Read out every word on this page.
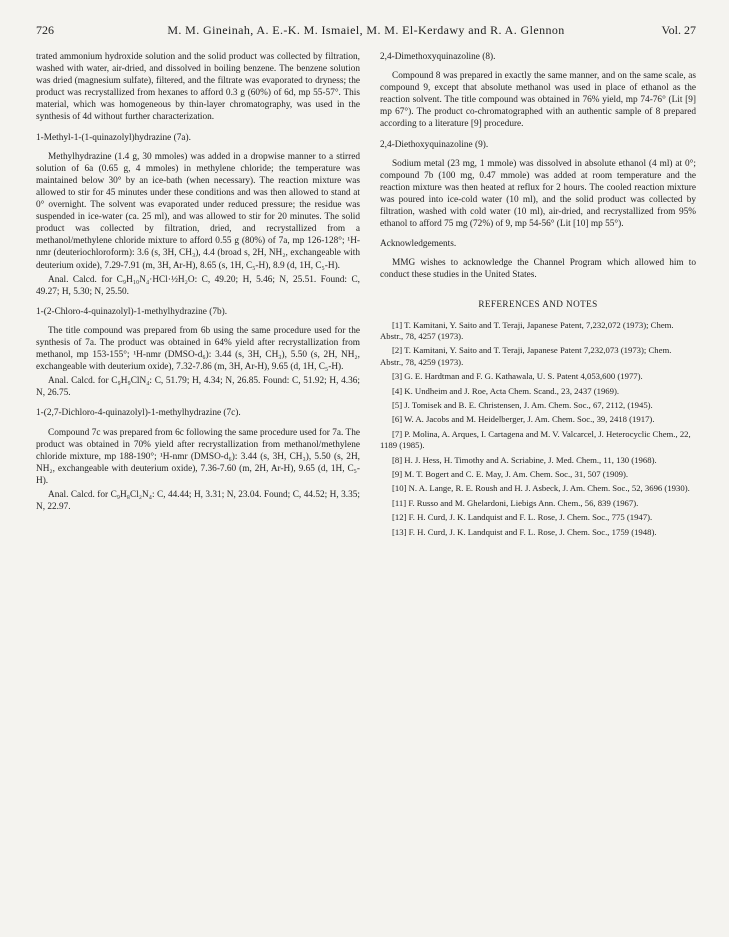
726	M. M. Gineinah, A. E.-K. M. Ismaiel, M. M. El-Kerdawy and R. A. Glennon	Vol. 27

trated ammonium hydroxide solution and the solid product was collected by filtration, washed with water, air-dried, and dissolved in boiling benzene. The benzene solution was dried (magnesium sulfate), filtered, and the filtrate was evaporated to dryness; the product was recrystallized from hexanes to afford 0.3 g (60%) of 6d, mp 55-57°. This material, which was homogeneous by thin-layer chromatography, was used in the synthesis of 4d without further characterization.

1-Methyl-1-(1-quinazolyl)hydrazine (7a).

Methylhydrazine (1.4 g, 30 mmoles) was added in a dropwise manner to a stirred solution of 6a (0.65 g, 4 mmoles) in methylene chloride; the temperature was maintained below 30° by an ice-bath (when necessary). The reaction mixture was allowed to stir for 45 minutes under these conditions and was then allowed to stand at 0° overnight. The solvent was evaporated under reduced pressure; the residue was suspended in ice-water (ca. 25 ml), and was allowed to stir for 20 minutes. The solid product was collected by filtration, dried, and recrystallized from a methanol/methylene chloride mixture to afford 0.55 g (80%) of 7a, mp 126-128°; ¹H-nmr (deuteriochloroform): 3.6 (s, 3H, CH₃), 4.4 (broad s, 2H, NH₂, exchangeable with deuterium oxide), 7.29-7.91 (m, 3H, Ar-H), 8.65 (s, 1H, C₅-H), 8.9 (d, 1H, C₅-H).

Anal. Calcd. for C₉H₁₀N₄·HCl·½H₂O: C, 49.20; H, 5.46; N, 25.51. Found: C, 49.27; H, 5.30; N, 25.50.

1-(2-Chloro-4-quinazolyl)-1-methylhydrazine (7b).

The title compound was prepared from 6b using the same procedure used for the synthesis of 7a. The product was obtained in 64% yield after recrystallization from methanol, mp 153-155°; ¹H-nmr (DMSO-d₆): 3.44 (s, 3H, CH₃), 5.50 (s, 2H, NH₂, exchangeable with deuterium oxide), 7.32-7.86 (m, 3H, Ar-H), 9.65 (d, 1H, C₅-H).

Anal. Calcd. for C₉H₉ClN₄: C, 51.79; H, 4.34; N, 26.85. Found: C, 51.92; H, 4.36; N, 26.75.

1-(2,7-Dichloro-4-quinazolyl)-1-methylhydrazine (7c).

Compound 7c was prepared from 6c following the same procedure used for 7a. The product was obtained in 70% yield after recrystallization from methanol/methylene chloride mixture, mp 188-190°; ¹H-nmr (DMSO-d₆): 3.44 (s, 3H, CH₃), 5.50 (s, 2H, NH₂, exchangeable with deuterium oxide), 7.36-7.60 (m, 2H, Ar-H), 9.65 (d, 1H, C₅-H).

Anal. Calcd. for C₉H₈Cl₂N₄: C, 44.44; H, 3.31; N, 23.04. Found; C, 44.52; H, 3.35; N, 22.97.

2,4-Dimethoxyquinazoline (8).

Compound 8 was prepared in exactly the same manner, and on the same scale, as compound 9, except that absolute methanol was used in place of ethanol as the reaction solvent. The title compound was obtained in 76% yield, mp 74-76° (Lit [9] mp 67°). The product co-chromatographed with an authentic sample of 8 prepared according to a literature [9] procedure.

2,4-Diethoxyquinazoline (9).

Sodium metal (23 mg, 1 mmole) was dissolved in absolute ethanol (4 ml) at 0°; compound 7b (100 mg, 0.47 mmole) was added at room temperature and the reaction mixture was then heated at reflux for 2 hours. The cooled reaction mixture was poured into ice-cold water (10 ml), and the solid product was collected by filtration, washed with cold water (10 ml), air-dried, and recrystallized from 95% ethanol to afford 75 mg (72%) of 9, mp 54-56° (Lit [10] mp 55°).

Acknowledgements.

MMG wishes to acknowledge the Channel Program which allowed him to conduct these studies in the United States.

REFERENCES AND NOTES

[1] T. Kamitani, Y. Saito and T. Teraji, Japanese Patent, 7,232,072 (1973); Chem. Abstr., 78, 4257 (1973).

[2] T. Kamitani, Y. Saito and T. Teraji, Japanese Patent 7,232,073 (1973); Chem. Abstr., 78, 4259 (1973).

[3] G. E. Hardtman and F. G. Kathawala, U. S. Patent 4,053,600 (1977).

[4] K. Undheim and J. Roe, Acta Chem. Scand., 23, 2437 (1969).

[5] J. Tomisek and B. E. Christensen, J. Am. Chem. Soc., 67, 2112, (1945).

[6] W. A. Jacobs and M. Heidelberger, J. Am. Chem. Soc., 39, 2418 (1917).

[7] P. Molina, A. Arques, I. Cartagena and M. V. Valcarcel, J. Heterocyclic Chem., 22, 1189 (1985).

[8] H. J. Hess, H. Timothy and A. Scriabine, J. Med. Chem., 11, 130 (1968).

[9] M. T. Bogert and C. E. May, J. Am. Chem. Soc., 31, 507 (1909).

[10] N. A. Lange, R. E. Roush and H. J. Asbeck, J. Am. Chem. Soc., 52, 3696 (1930).

[11] F. Russo and M. Ghelardoni, Liebigs Ann. Chem., 56, 839 (1967).

[12] F. H. Curd, J. K. Landquist and F. L. Rose, J. Chem. Soc., 775 (1947).

[13] F. H. Curd, J. K. Landquist and F. L. Rose, J. Chem. Soc., 1759 (1948).
